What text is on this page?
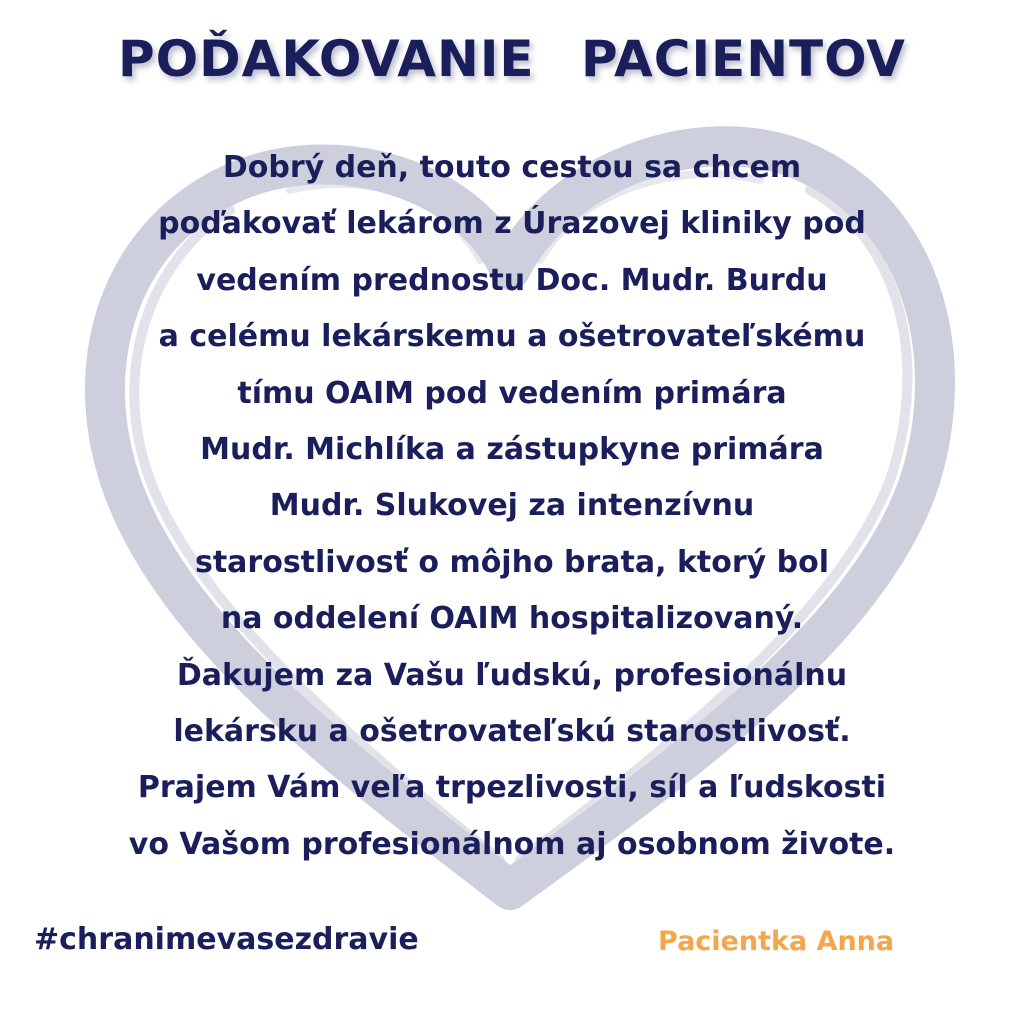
POĎAKOVANIE PACIENTOV
Dobrý deň, touto cestou sa chcem
poďakovať lekárom z Úrazovej kliniky pod
vedením prednostu Doc. Mudr. Burdu
a celému lekárskemu a ošetrovateľskému
tímu OAIM pod vedením primára
Mudr. Michlíka a zástupkyne primára
Mudr. Slukovej za intenzívnu
starostlivosť o môjho brata, ktorý bol
na oddelení OAIM hospitalizovaný.
Ďakujem za Vašu ľudskú, profesionálnu
lekársku a ošetrovateľskú starostlivosť.
Prajem Vám veľa trpezlivosti, síl a ľudskosti
vo Vašom profesionálnom aj osobnom živote.

#chranimevasezdravie	Pacientka Anna
